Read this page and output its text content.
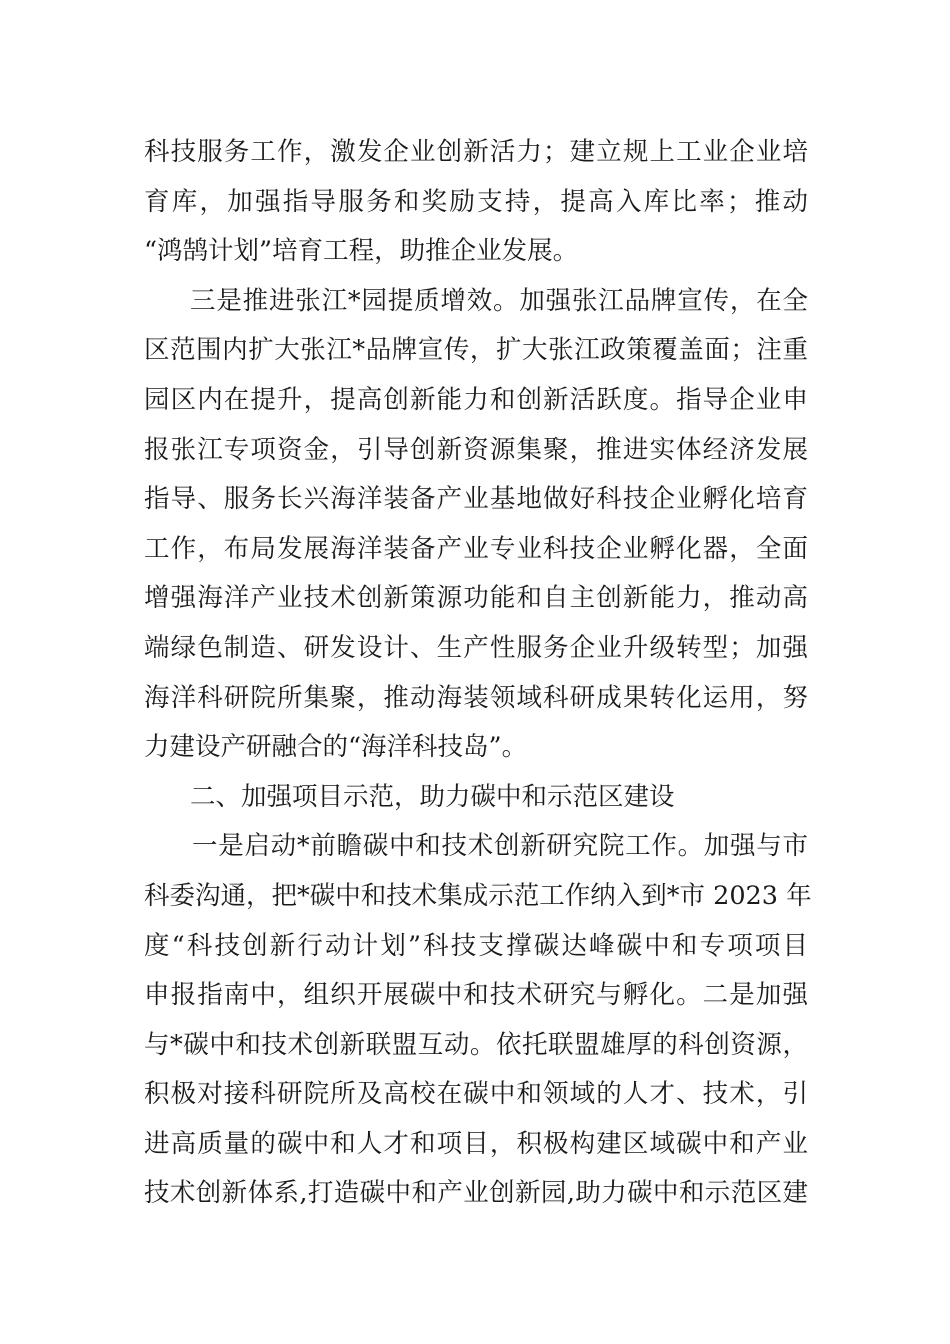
科技服务工作，激发企业创新活力；建立规上工业企业培
育库，加强指导服务和奖励支持，提高入库比率；推动
“鸿鹄计划”培育工程，助推企业发展。
三是推进张江*园提质增效。加强张江品牌宣传，在全
区范围内扩大张江*品牌宣传，扩大张江政策覆盖面；注重
园区内在提升，提高创新能力和创新活跃度。指导企业申
报张江专项资金，引导创新资源集聚，推进实体经济发展
指导、服务长兴海洋装备产业基地做好科技企业孵化培育
工作，布局发展海洋装备产业专业科技企业孵化器，全面
增强海洋产业技术创新策源功能和自主创新能力，推动高
端绿色制造、研发设计、生产性服务企业升级转型；加强
海洋科研院所集聚，推动海装领域科研成果转化运用，努
力建设产研融合的“海洋科技岛”。
二、加强项目示范，助力碳中和示范区建设
一是启动*前瞻碳中和技术创新研究院工作。加强与市
科委沟通，把*碳中和技术集成示范工作纳入到*市 2023 年
度“科技创新行动计划”科技支撑碳达峰碳中和专项项目
申报指南中，组织开展碳中和技术研究与孵化。二是加强
与*碳中和技术创新联盟互动。依托联盟雄厚的科创资源，
积极对接科研院所及高校在碳中和领域的人才、技术，引
进高质量的碳中和人才和项目，积极构建区域碳中和产业
技术创新体系,打造碳中和产业创新园,助力碳中和示范区建
